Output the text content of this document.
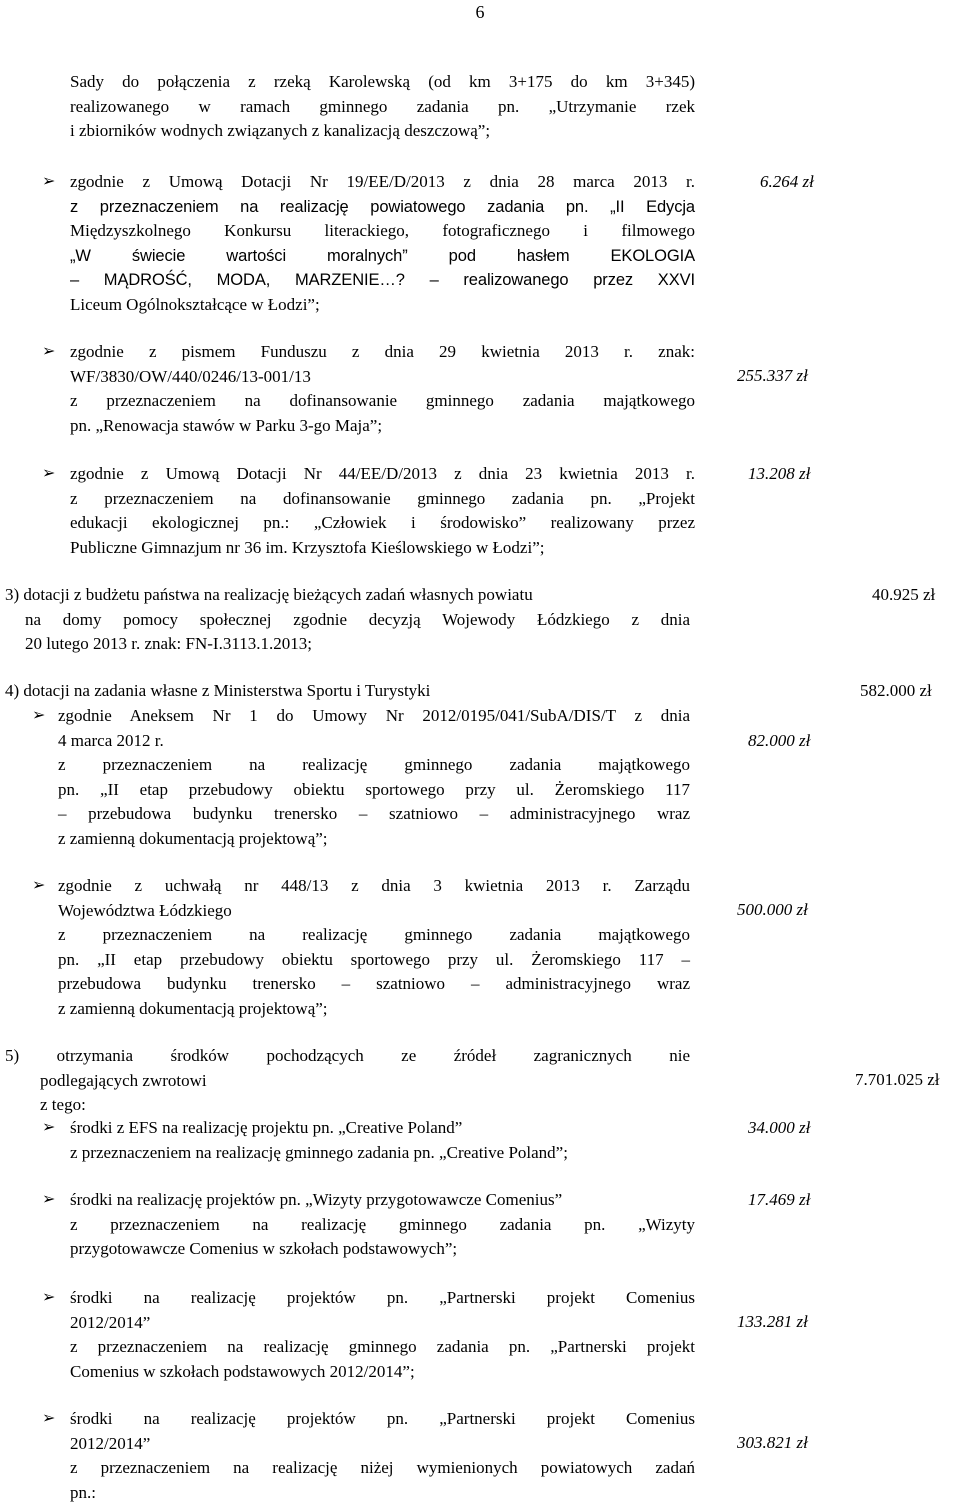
6
Sady do połączenia z rzeką Karolewską (od km 3+175 do km 3+345)
realizowanego w ramach gminnego zadania pn. „Utrzymanie rzek
i zbiorników wodnych związanych z kanalizacją deszczową”;
➢ zgodnie z Umową Dotacji Nr 19/EE/D/2013 z dnia 28 marca 2013 r.
z przeznaczeniem na realizację powiatowego zadania pn. „II Edycja
Międzyszkolnego Konkursu literackiego, fotograficznego i filmowego
„W świecie wartości moralnych” pod hasłem EKOLOGIA
– MĄDROŚĆ, MODA, MARZENIE…? – realizowanego przez XXVI
Liceum Ogólnokształcące w Łodzi”;
6.264 zł
➢ zgodnie z pismem Funduszu z dnia 29 kwietnia 2013 r. znak:
WF/3830/OW/440/0246/13-001/13
z przeznaczeniem na dofinansowanie gminnego zadania majątkowego
pn. „Renowacja stawów w Parku 3-go Maja”;
255.337 zł
➢ zgodnie z Umową Dotacji Nr 44/EE/D/2013 z dnia 23 kwietnia 2013 r.
z przeznaczeniem na dofinansowanie gminnego zadania pn. „Projekt
edukacji ekologicznej pn.: „Człowiek i środowisko” realizowany przez
Publiczne Gimnazjum nr 36 im. Krzysztofa Kieślowskiego w Łodzi”;
13.208 zł
3) dotacji z budżetu państwa na realizację bieżących zadań własnych powiatu
na domy pomocy społecznej zgodnie decyzją Wojewody Łódzkiego z dnia
20 lutego 2013 r. znak: FN-I.3113.1.2013;
40.925 zł
4) dotacji na zadania własne z Ministerstwa Sportu i Turystyki	582.000 zł
➢ zgodnie Aneksem Nr 1 do Umowy Nr 2012/0195/041/SubA/DIS/T z dnia
4 marca 2012 r.
z przeznaczeniem na realizację gminnego zadania majątkowego
pn. „II etap przebudowy obiektu sportowego przy ul. Żeromskiego 117
– przebudowa budynku trenersko – szatniowo – administracyjnego wraz
z zamienną dokumentacją projektową”;
82.000 zł
➢ zgodnie z uchwałą nr 448/13 z dnia 3 kwietnia 2013 r. Zarządu
Województwa Łódzkiego
z przeznaczeniem na realizację gminnego zadania majątkowego
pn. „II etap przebudowy obiektu sportowego przy ul. Żeromskiego 117 –
przebudowa budynku trenersko – szatniowo – administracyjnego wraz
z zamienną dokumentacją projektową”;
500.000 zł
5) otrzymania środków pochodzących ze źródeł zagranicznych nie
podlegających zwrotowi
z tego:
7.701.025 zł
➢ środki z EFS na realizację projektu pn. „Creative Poland”
z przeznaczeniem na realizację gminnego zadania pn. „Creative Poland”;
34.000 zł
➢ środki na realizację projektów pn. „Wizyty przygotowawcze Comenius”
z przeznaczeniem na realizację gminnego zadania pn. „Wizyty
przygotowawcze Comenius w szkołach podstawowych”;
17.469 zł
➢ środki na realizację projektów pn. „Partnerski projekt Comenius
2012/2014”
z przeznaczeniem na realizację gminnego zadania pn. „Partnerski projekt
Comenius w szkołach podstawowych 2012/2014”;
133.281 zł
➢ środki na realizację projektów pn. „Partnerski projekt Comenius
2012/2014”
z przeznaczeniem na realizację niżej wymienionych powiatowych zadań
pn.:
303.821 zł
